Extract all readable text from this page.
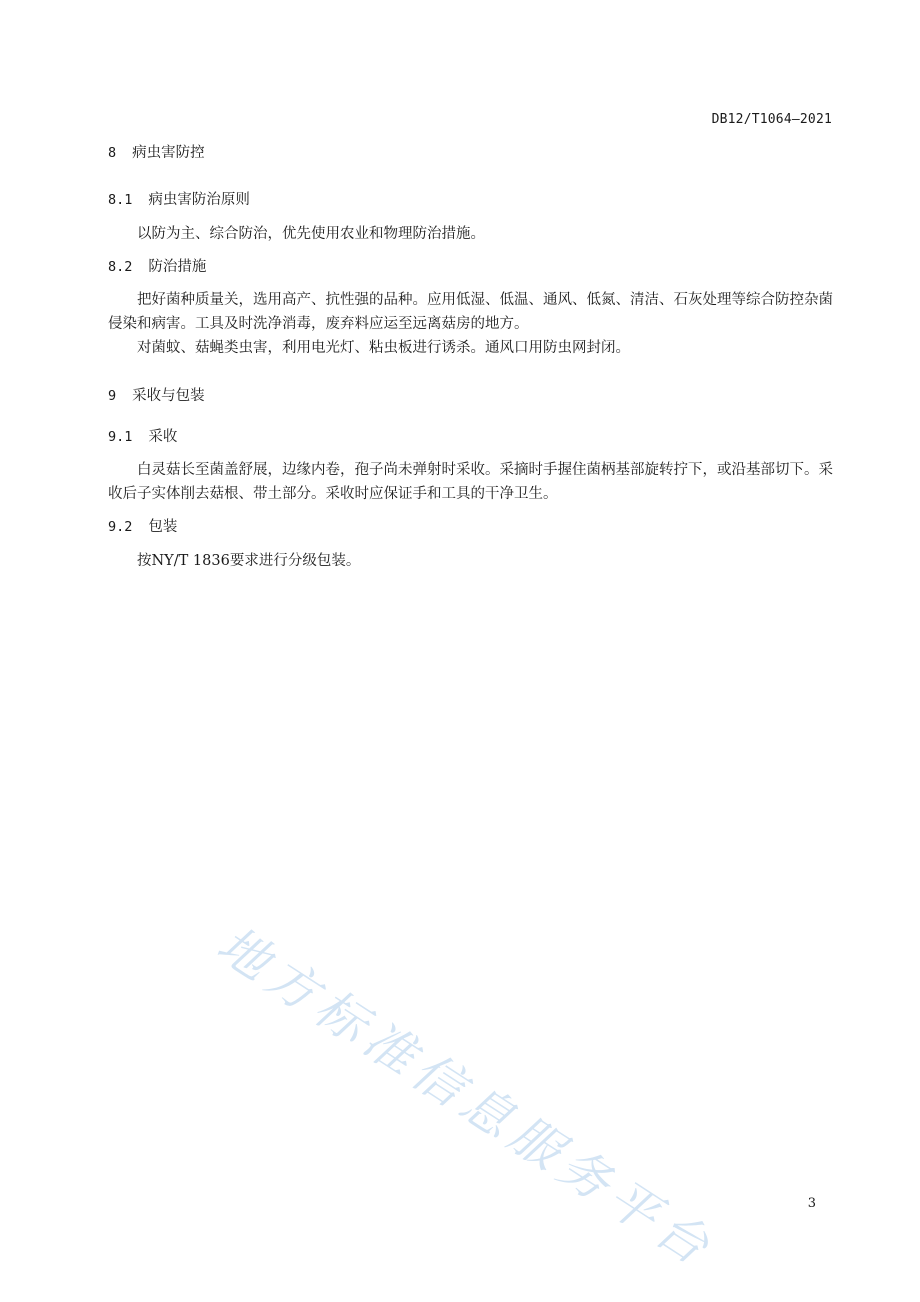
DB12/T1064—2021
8 病虫害防控
8.1 病虫害防治原则

以防为主、综合防治，优先使用农业和物理防治措施。

8.2 防治措施

把好菌种质量关，选用高产、抗性强的品种。应用低湿、低温、通风、低氮、清洁、石灰处理等综合防控杂菌侵染和病害。工具及时洗净消毒，废弃料应运至远离菇房的地方。

对菌蚊、菇蝇类虫害，利用电光灯、粘虫板进行诱杀。通风口用防虫网封闭。

9 采收与包装
9.1 采收

白灵菇长至菌盖舒展，边缘内卷，孢子尚未弹射时采收。采摘时手握住菌柄基部旋转拧下，或沿基部切下。采收后子实体削去菇根、带土部分。采收时应保证手和工具的干净卫生。

9.2 包装

按NY/T 1836要求进行分级包装。

地方标准信息服务平台	3
